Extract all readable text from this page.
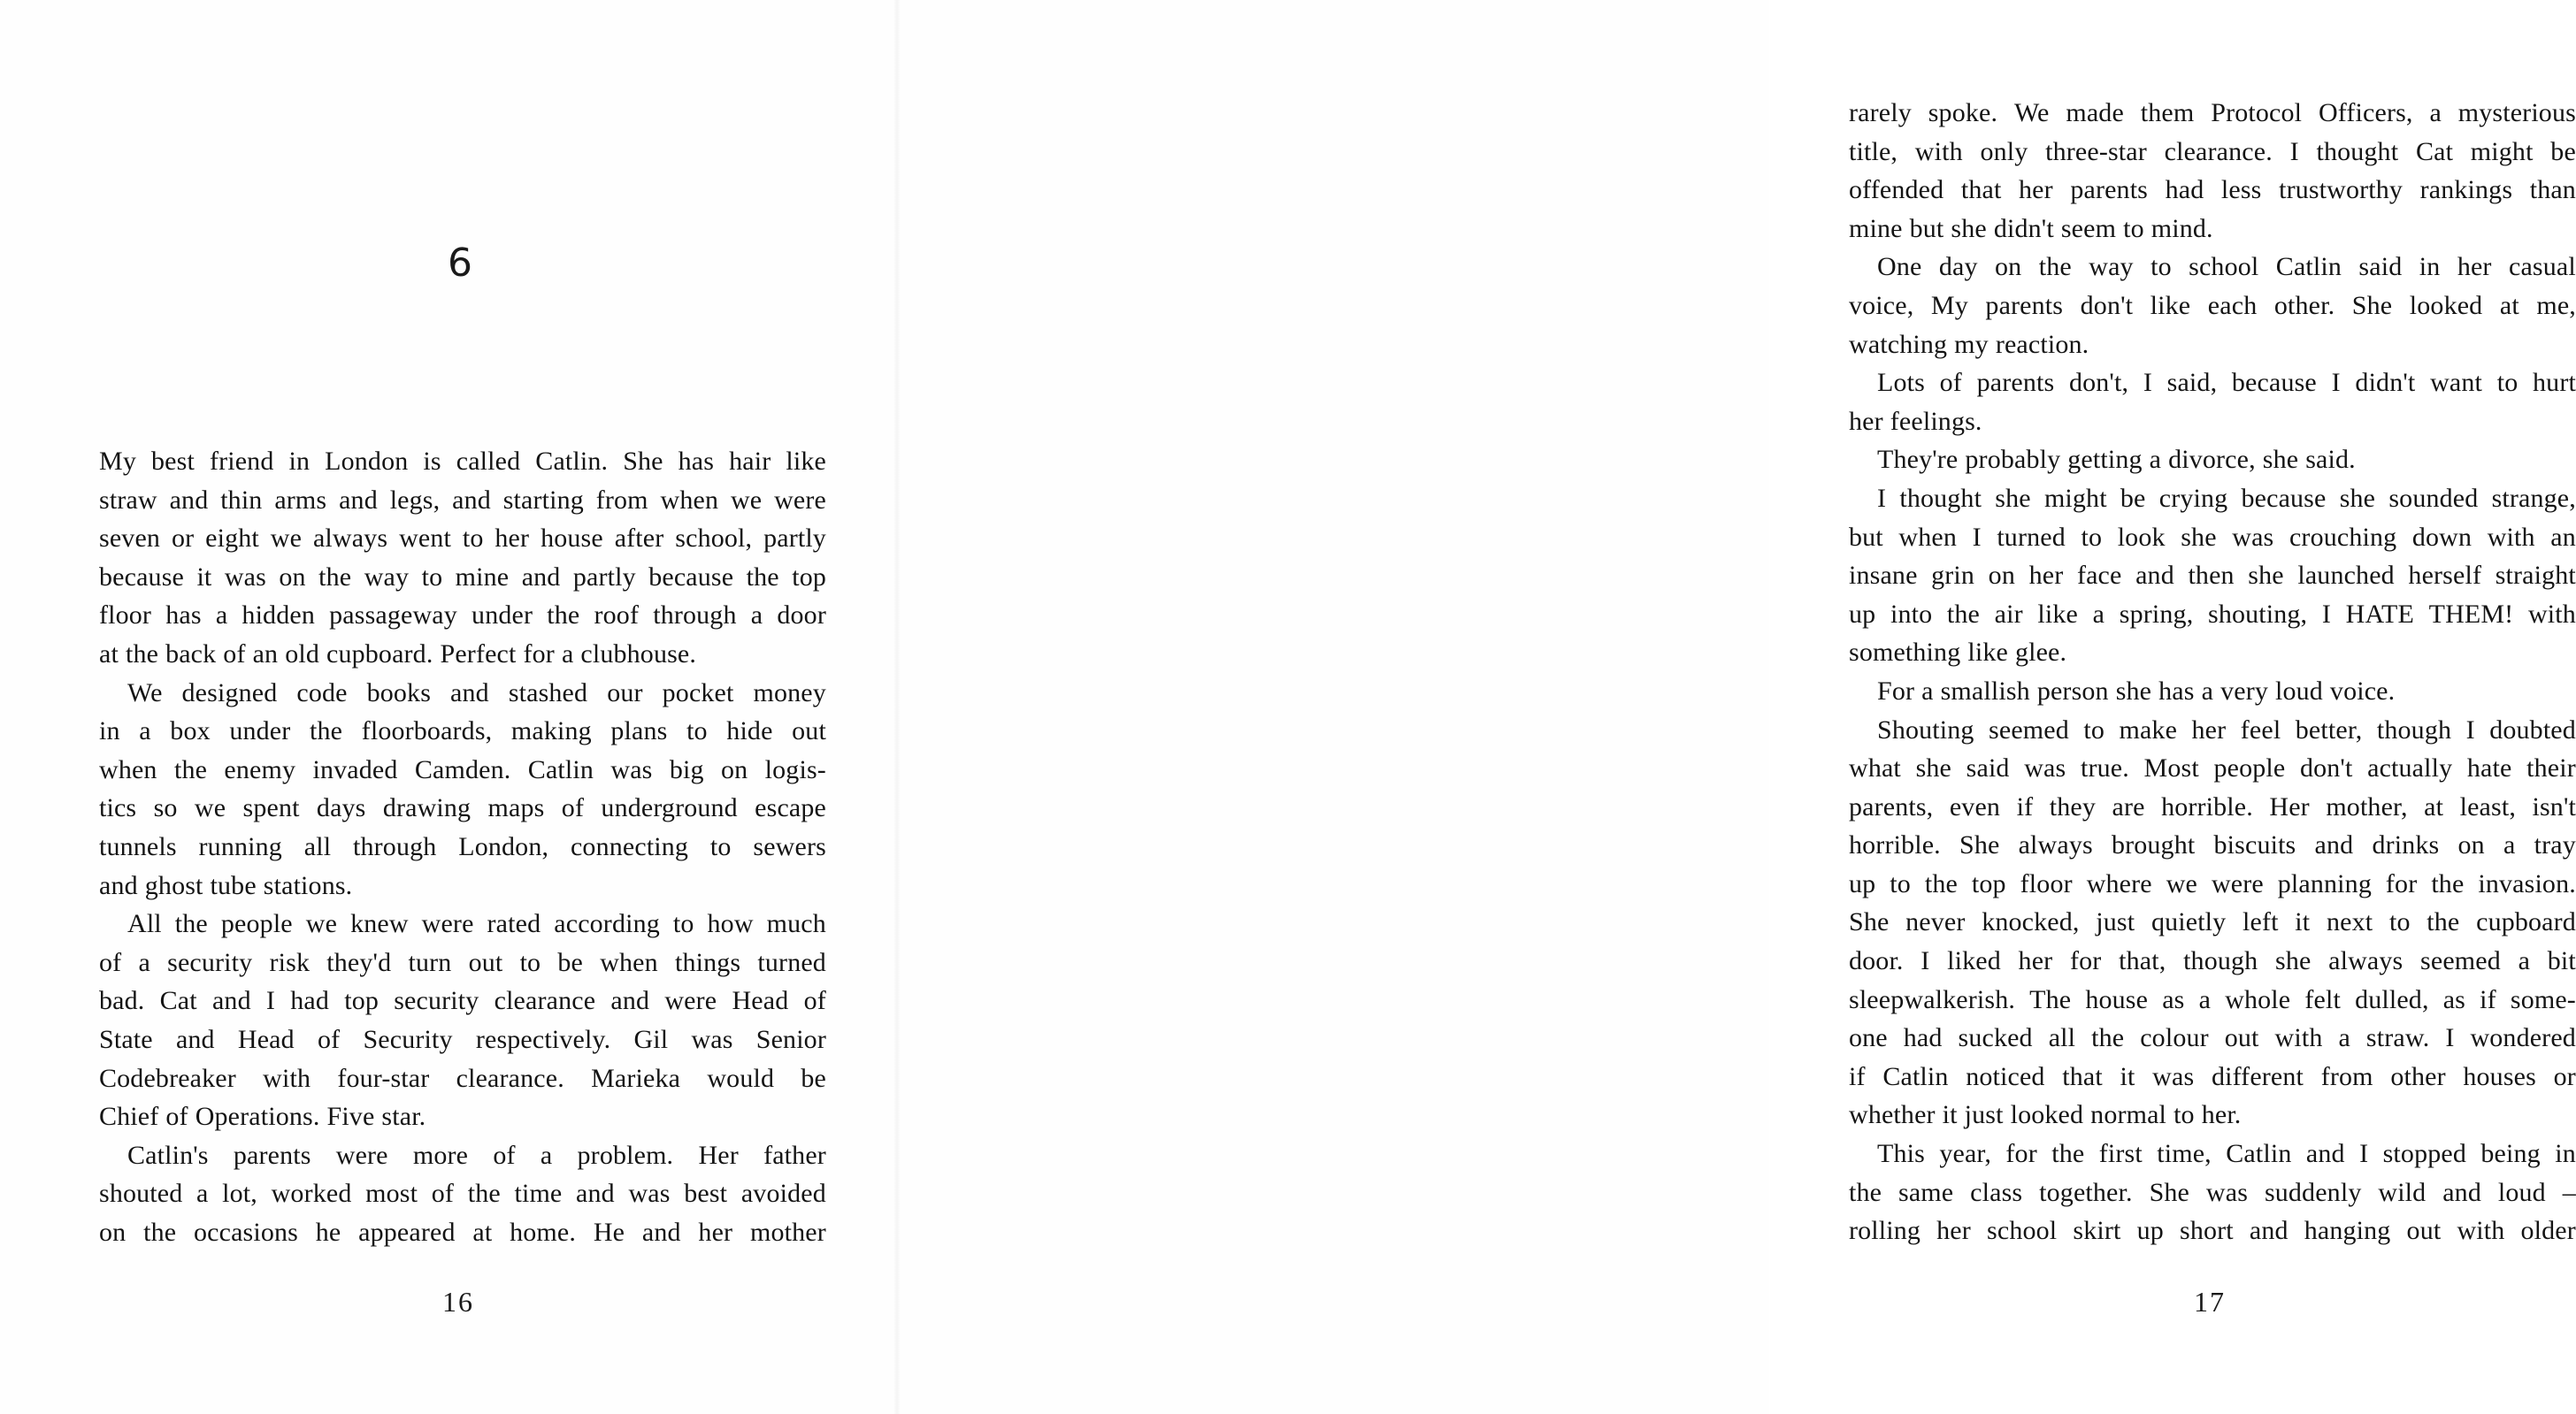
6
My best friend in London is called Catlin. She has hair like
straw and thin arms and legs, and starting from when we were
seven or eight we always went to her house after school, partly
because it was on the way to mine and partly because the top
floor has a hidden passageway under the roof through a door
at the back of an old cupboard. Perfect for a clubhouse.
We designed code books and stashed our pocket money
in a box under the floorboards, making plans to hide out
when the enemy invaded Camden. Catlin was big on logis-
tics so we spent days drawing maps of underground escape
tunnels running all through London, connecting to sewers
and ghost tube stations.
All the people we knew were rated according to how much
of a security risk they'd turn out to be when things turned
bad. Cat and I had top security clearance and were Head of
State and Head of Security respectively. Gil was Senior
Codebreaker with four-star clearance. Marieka would be
Chief of Operations. Five star.
Catlin's parents were more of a problem. Her father
shouted a lot, worked most of the time and was best avoided
on the occasions he appeared at home. He and her mother
16
rarely spoke. We made them Protocol Officers, a mysterious
title, with only three-star clearance. I thought Cat might be
offended that her parents had less trustworthy rankings than
mine but she didn't seem to mind.
One day on the way to school Catlin said in her casual
voice, My parents don't like each other. She looked at me,
watching my reaction.
Lots of parents don't, I said, because I didn't want to hurt
her feelings.
They're probably getting a divorce, she said.
I thought she might be crying because she sounded strange,
but when I turned to look she was crouching down with an
insane grin on her face and then she launched herself straight
up into the air like a spring, shouting, I HATE THEM! with
something like glee.
For a smallish person she has a very loud voice.
Shouting seemed to make her feel better, though I doubted
what she said was true. Most people don't actually hate their
parents, even if they are horrible. Her mother, at least, isn't
horrible. She always brought biscuits and drinks on a tray
up to the top floor where we were planning for the invasion.
She never knocked, just quietly left it next to the cupboard
door. I liked her for that, though she always seemed a bit
sleepwalkerish. The house as a whole felt dulled, as if some-
one had sucked all the colour out with a straw. I wondered
if Catlin noticed that it was different from other houses or
whether it just looked normal to her.
This year, for the first time, Catlin and I stopped being in
the same class together. She was suddenly wild and loud –
rolling her school skirt up short and hanging out with older
17
